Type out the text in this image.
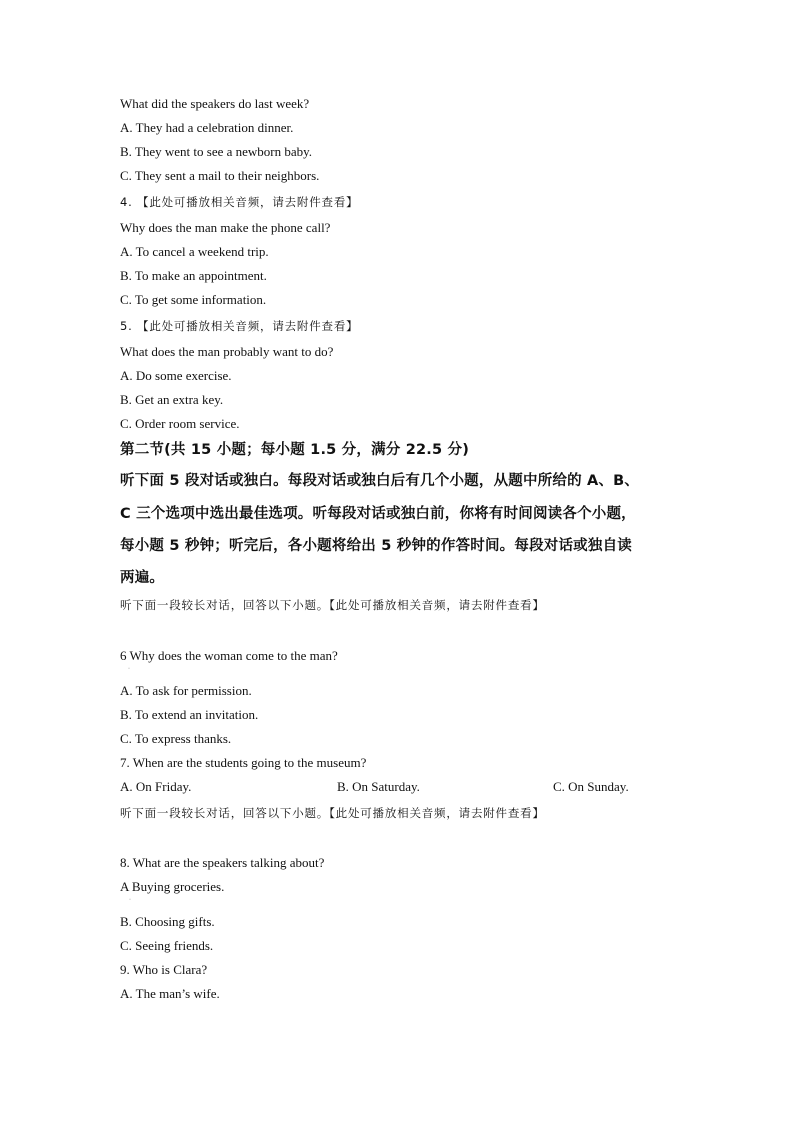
What did the speakers do last week?
A. They had a celebration dinner.
B. They went to see a newborn baby.
C. They sent a mail to their neighbors.
4. 【此处可播放相关音频，请去附件查看】
Why does the man make the phone call?
A. To cancel a weekend trip.
B. To make an appointment.
C. To get some information.
5. 【此处可播放相关音频，请去附件查看】
What does the man probably want to do?
A. Do some exercise.
B. Get an extra key.
C. Order room service.
第二节(共 15 小题；每小题 1.5 分，满分 22.5 分)
听下面 5 段对话或独白。每段对话或独白后有几个小题，从题中所给的 A、B、
C 三个选项中选出最佳选项。听每段对话或独白前，你将有时间阅读各个小题，
每小题 5 秒钟；听完后，各小题将给出 5 秒钟的作答时间。每段对话或独自读
两遍。
听下面一段较长对话，回答以下小题。【此处可播放相关音频，请去附件查看】
6 Why does the woman come to the man?
·
A. To ask for permission.
B. To extend an invitation.
C. To express thanks.
7. When are the students going to the museum?
A. On Friday.	B. On Saturday.	C. On Sunday.
听下面一段较长对话，回答以下小题。【此处可播放相关音频，请去附件查看】
8. What are the speakers talking about?
A Buying groceries.
·
B. Choosing gifts.
C. Seeing friends.
9. Who is Clara?
A. The man’s wife.
